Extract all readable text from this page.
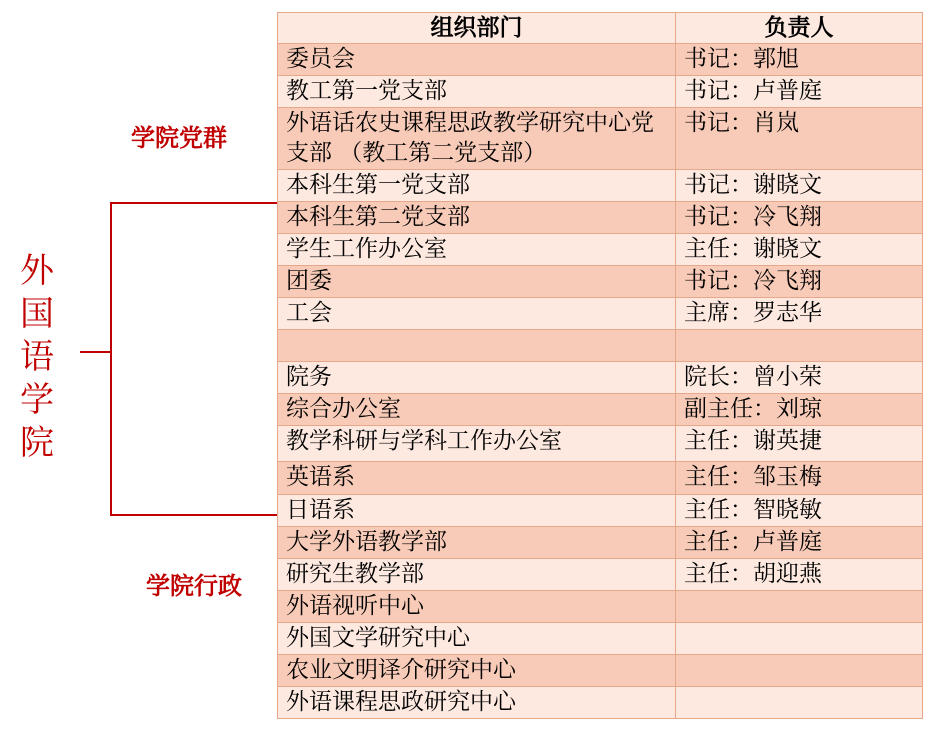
外
国
语
学
院
学院党群
学院行政
组织部门	负责人
委员会	书记：郭旭
教工第一党支部	书记：卢普庭
外语话农史课程思政教学研究中心党支部 （教工第二党支部）	书记：肖岚
本科生第一党支部	书记：谢晓文
本科生第二党支部	书记：冷飞翔
学生工作办公室	主任：谢晓文
团委	书记：冷飞翔
工会	主席：罗志华

院务	院长：曾小荣
综合办公室	副主任：刘琼
教学科研与学科工作办公室	主任：谢英捷
英语系	主任：邹玉梅
日语系	主任：智晓敏
大学外语教学部	主任：卢普庭
研究生教学部	主任：胡迎燕
外语视听中心	
外国文学研究中心	
农业文明译介研究中心	
外语课程思政研究中心	
